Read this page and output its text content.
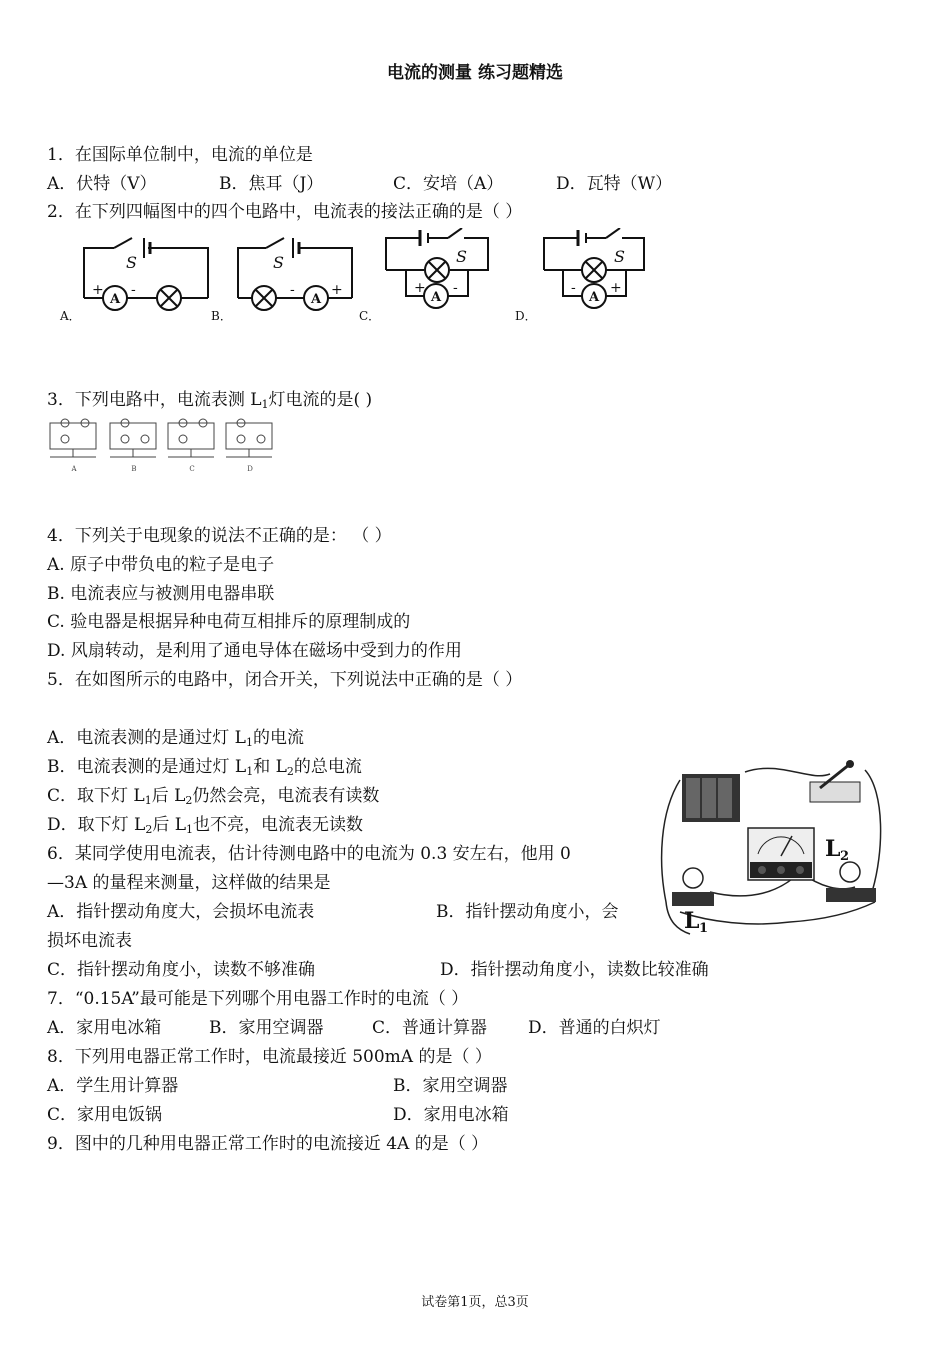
电流的测量 练习题精选
1．在国际单位制中，电流的单位是
A．伏特（V）	B．焦耳（J）	C．安培（A）	D．瓦特（W）
2．在下列四幅图中的四个电路中，电流表的接法正确的是（ ）
S	S	S	S
A	A	A	A
+ -	-	+	+ -	- +
A．	B．	C．	D．
3．下列电路中，电流表测 $L_1$灯电流的是( )
A	B	C	D
4．下列关于电现象的说法不正确的是： （ ）
A. 原子中带负电的粒子是电子
B. 电流表应与被测用电器串联
C. 验电器是根据异种电荷互相排斥的原理制成的
D. 风扇转动，是利用了通电导体在磁场中受到力的作用
5．在如图所示的电路中，闭合开关，下列说法中正确的是（ ）
A．电流表测的是通过灯 $L_1$的电流
B．电流表测的是通过灯 $L_1$和 $L_2$的总电流
C．取下灯 $L_1$后 $L_2$仍然会亮，电流表有读数
D．取下灯 $L_2$后 $L_1$也不亮，电流表无读数
L 1
L 2
6．某同学使用电流表，估计待测电路中的电流为 0.3 安左右，他用 0
—3A 的量程来测量，这样做的结果是
A．指针摆动角度大，会损坏电流表	B．指针摆动角度小，会
损坏电流表
C．指针摆动角度小，读数不够准确	D．指针摆动角度小，读数比较准确
7．“0.15A”最可能是下列哪个用电器工作时的电流（ ）
A．家用电冰箱	B．家用空调器	C．普通计算器 D．普通的白炽灯
8．下列用电器正常工作时，电流最接近 500mA 的是（ ）
A．学生用计算器	B．家用空调器
C．家用电饭锅	D．家用电冰箱
9．图中的几种用电器正常工作时的电流接近 4A 的是（ ）
试卷第1页，总3页
